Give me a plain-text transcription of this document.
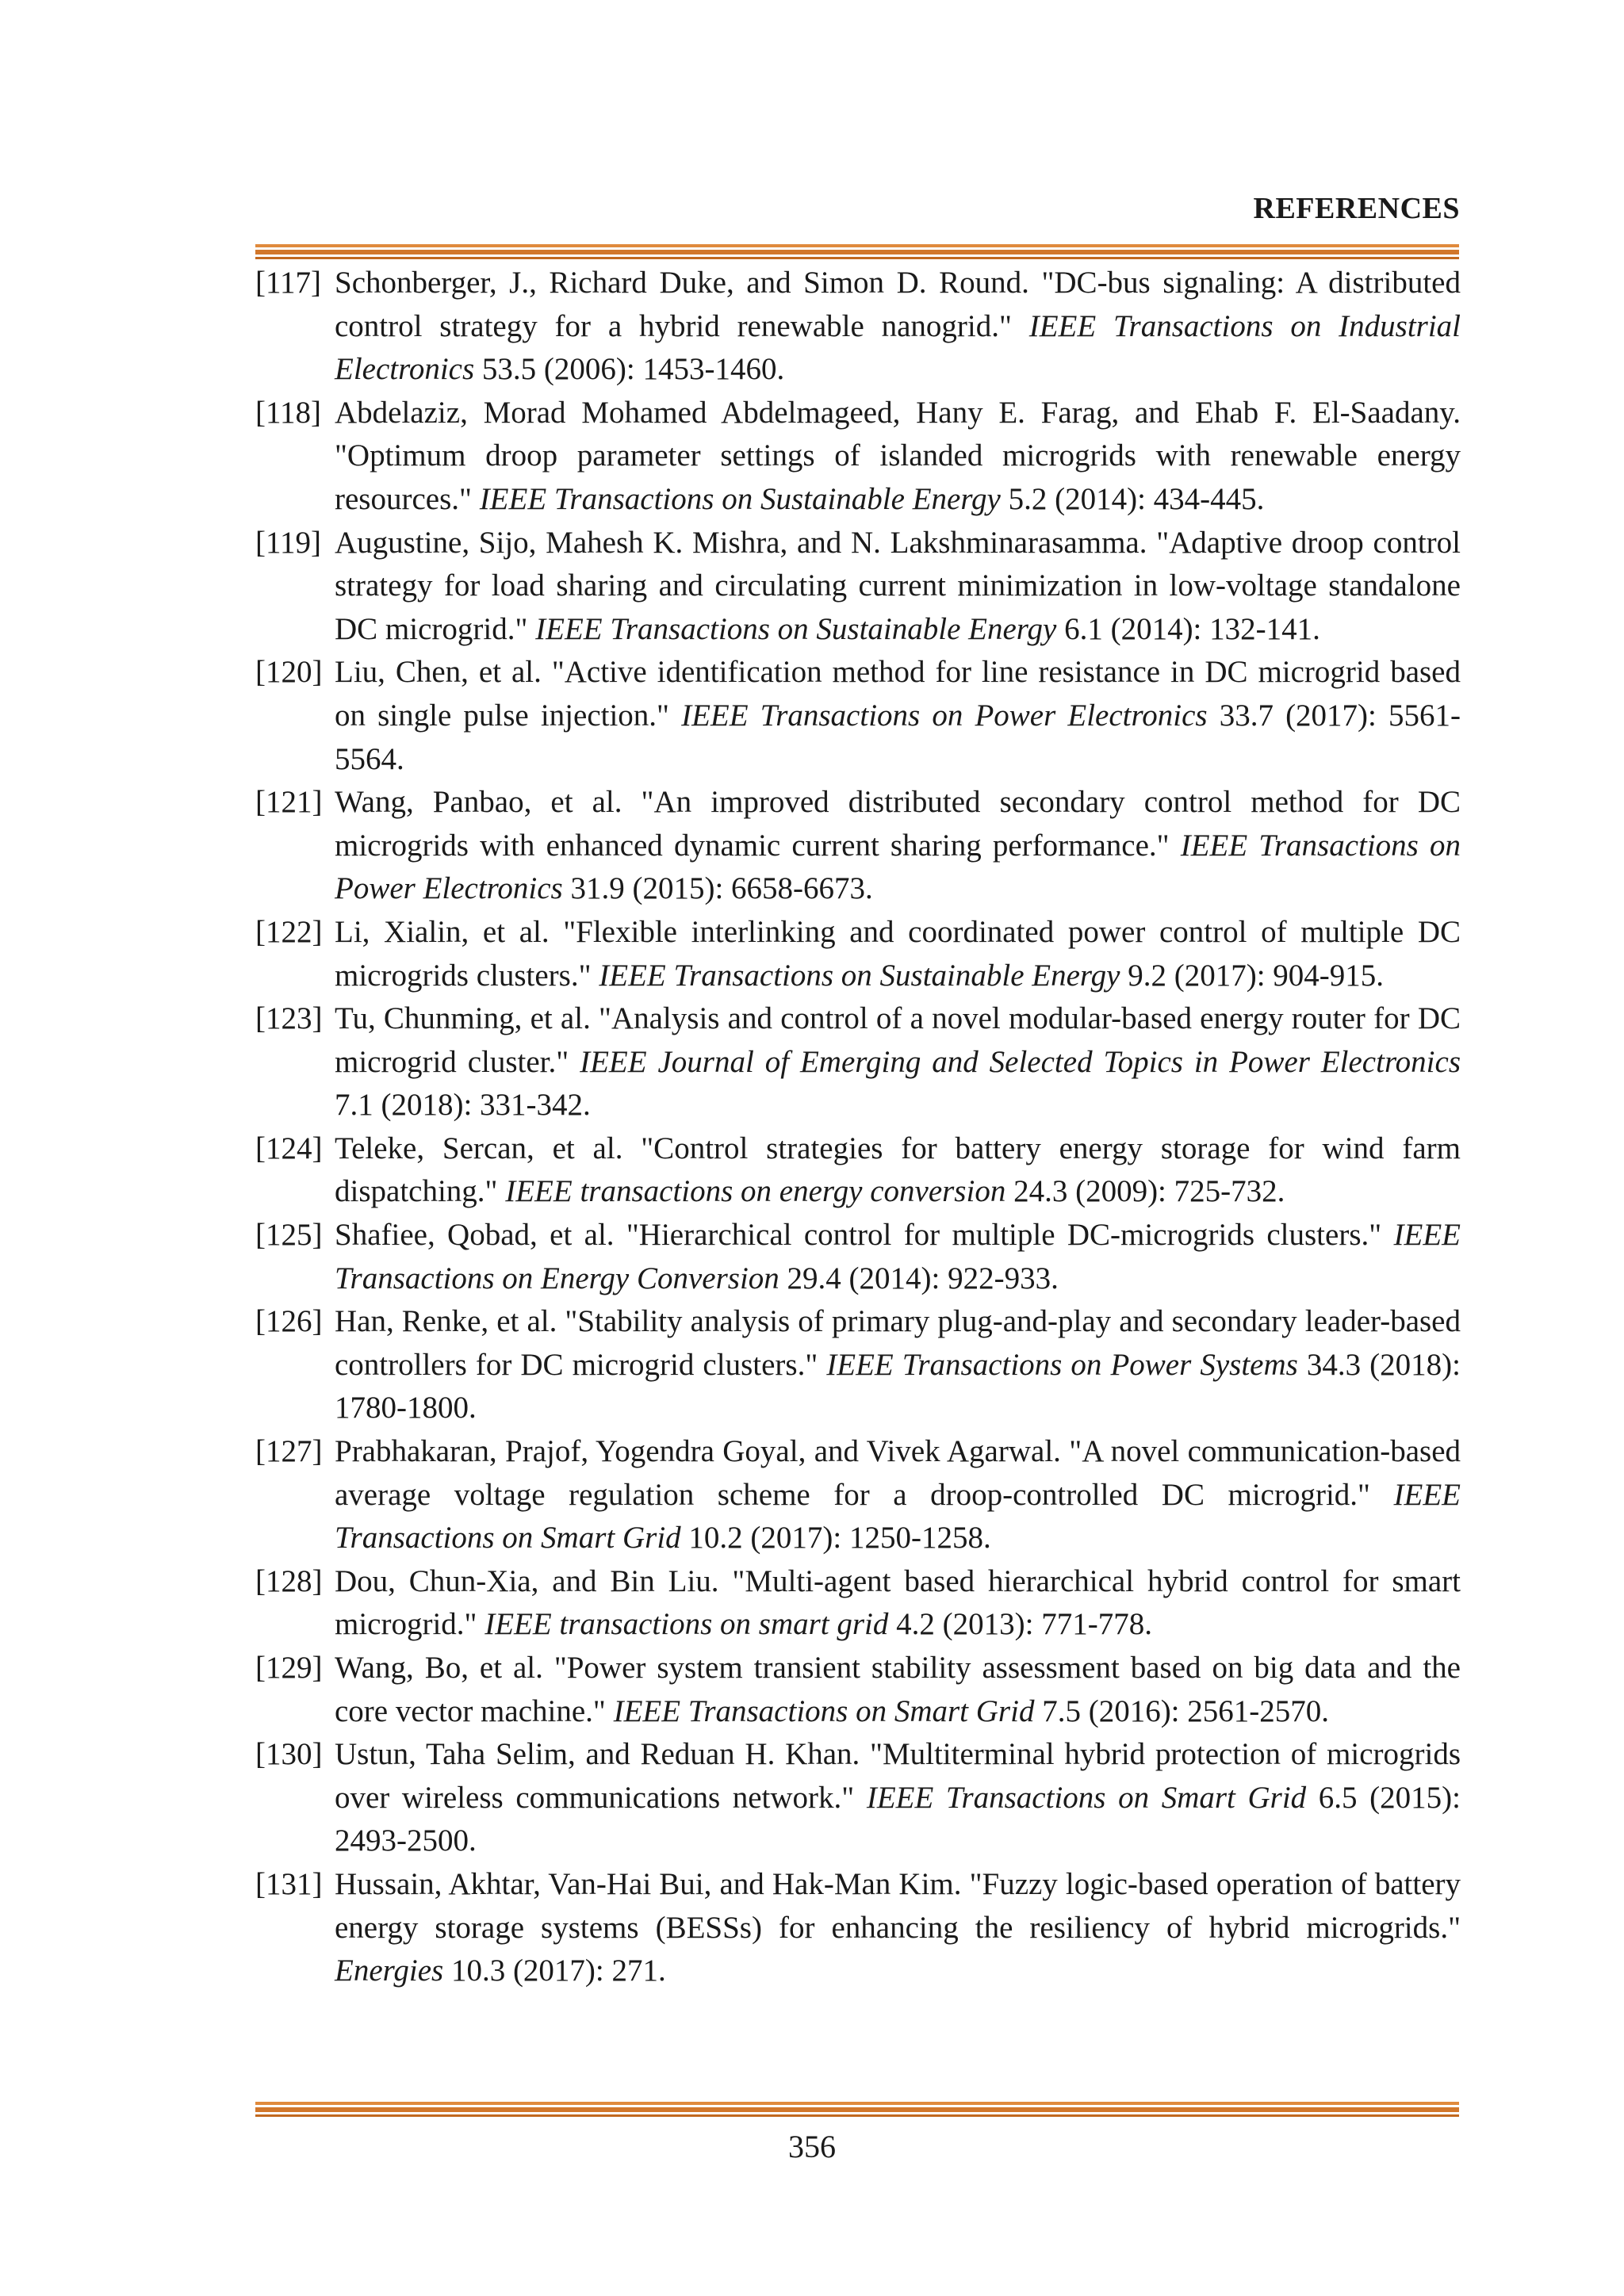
REFERENCES
[117] Schonberger, J., Richard Duke, and Simon D. Round. "DC-bus signaling: A distributed control strategy for a hybrid renewable nanogrid." IEEE Transactions on Industrial Electronics 53.5 (2006): 1453-1460.
[118] Abdelaziz, Morad Mohamed Abdelmageed, Hany E. Farag, and Ehab F. El-Saadany. "Optimum droop parameter settings of islanded microgrids with renewable energy resources." IEEE Transactions on Sustainable Energy 5.2 (2014): 434-445.
[119] Augustine, Sijo, Mahesh K. Mishra, and N. Lakshminarasamma. "Adaptive droop control strategy for load sharing and circulating current minimization in low-voltage standalone DC microgrid." IEEE Transactions on Sustainable Energy 6.1 (2014): 132-141.
[120] Liu, Chen, et al. "Active identification method for line resistance in DC microgrid based on single pulse injection." IEEE Transactions on Power Electronics 33.7 (2017): 5561-5564.
[121] Wang, Panbao, et al. "An improved distributed secondary control method for DC microgrids with enhanced dynamic current sharing performance." IEEE Transactions on Power Electronics 31.9 (2015): 6658-6673.
[122] Li, Xialin, et al. "Flexible interlinking and coordinated power control of multiple DC microgrids clusters." IEEE Transactions on Sustainable Energy 9.2 (2017): 904-915.
[123] Tu, Chunming, et al. "Analysis and control of a novel modular-based energy router for DC microgrid cluster." IEEE Journal of Emerging and Selected Topics in Power Electronics 7.1 (2018): 331-342.
[124] Teleke, Sercan, et al. "Control strategies for battery energy storage for wind farm dispatching." IEEE transactions on energy conversion 24.3 (2009): 725-732.
[125] Shafiee, Qobad, et al. "Hierarchical control for multiple DC-microgrids clusters." IEEE Transactions on Energy Conversion 29.4 (2014): 922-933.
[126] Han, Renke, et al. "Stability analysis of primary plug-and-play and secondary leader-based controllers for DC microgrid clusters." IEEE Transactions on Power Systems 34.3 (2018): 1780-1800.
[127] Prabhakaran, Prajof, Yogendra Goyal, and Vivek Agarwal. "A novel communication-based average voltage regulation scheme for a droop-controlled DC microgrid." IEEE Transactions on Smart Grid 10.2 (2017): 1250-1258.
[128] Dou, Chun-Xia, and Bin Liu. "Multi-agent based hierarchical hybrid control for smart microgrid." IEEE transactions on smart grid 4.2 (2013): 771-778.
[129] Wang, Bo, et al. "Power system transient stability assessment based on big data and the core vector machine." IEEE Transactions on Smart Grid 7.5 (2016): 2561-2570.
[130] Ustun, Taha Selim, and Reduan H. Khan. "Multiterminal hybrid protection of microgrids over wireless communications network." IEEE Transactions on Smart Grid 6.5 (2015): 2493-2500.
[131] Hussain, Akhtar, Van-Hai Bui, and Hak-Man Kim. "Fuzzy logic-based operation of battery energy storage systems (BESSs) for enhancing the resiliency of hybrid microgrids." Energies 10.3 (2017): 271.
356
